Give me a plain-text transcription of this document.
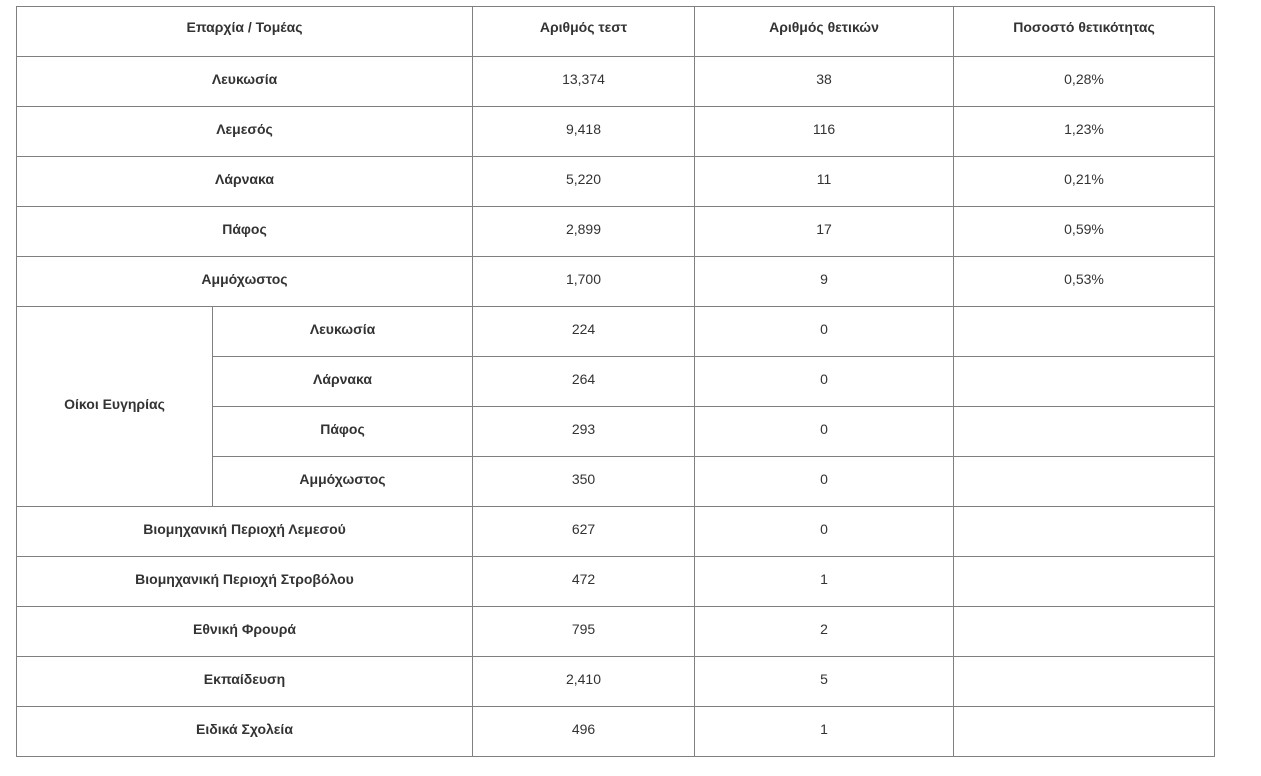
Επαρχία / Τομέας		Αριθμός τεστ	Αριθμός θετικών	Ποσοστό θετικότητας
Λευκωσία		13,374	38	0,28%
Λεμεσός		9,418	116	1,23%
Λάρνακα		5,220	11	0,21%
Πάφος		2,899	17	0,59%
Αμμόχωστος		1,700	9	0,53%
Οίκοι Ευγηρίας	Λευκωσία	224	0	
	Λάρνακα	264	0	
	Πάφος	293	0	
	Αμμόχωστος	350	0	
Βιομηχανική Περιοχή Λεμεσού		627	0	
Βιομηχανική Περιοχή Στροβόλου		472	1	
Εθνική Φρουρά		795	2	
Εκπαίδευση		2,410	5	
Ειδικά Σχολεία		496	1	
